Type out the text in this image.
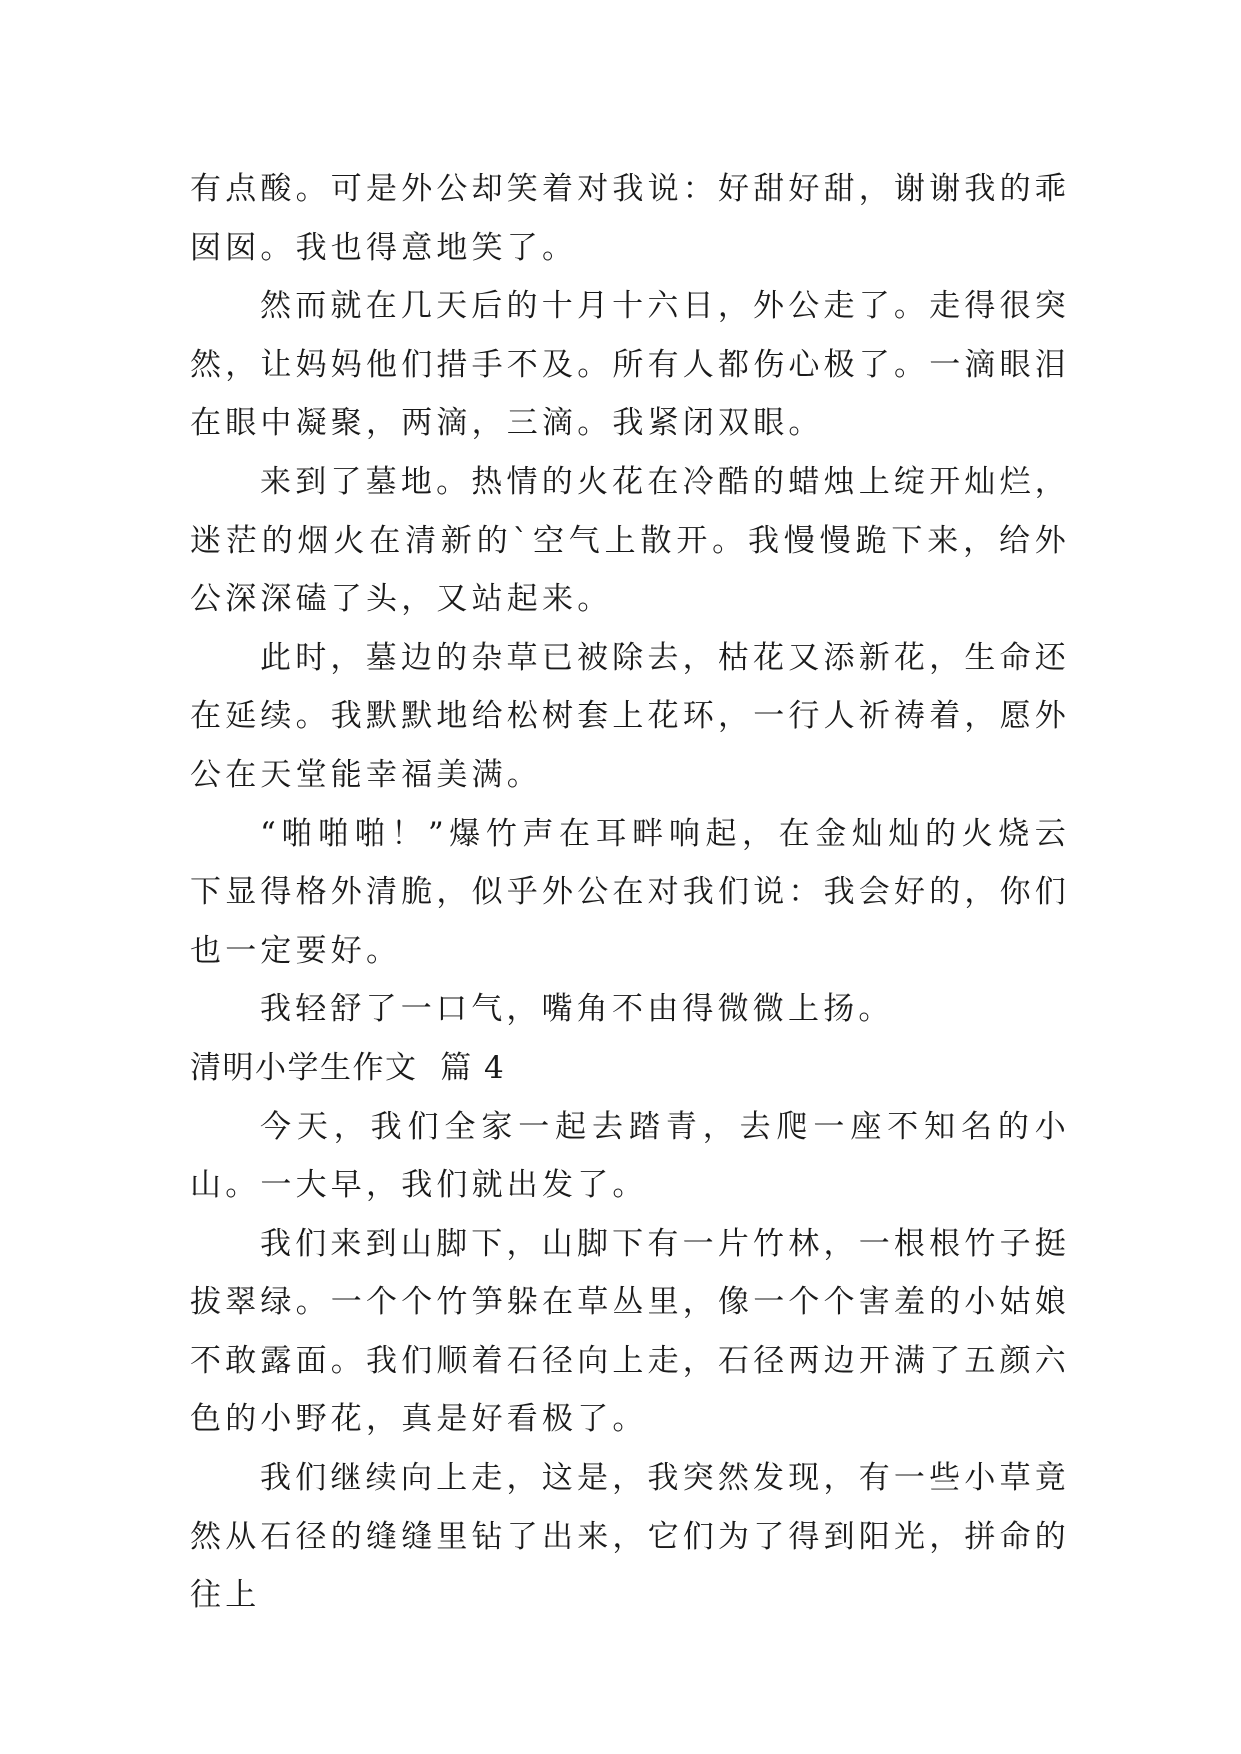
有点酸。可是外公却笑着对我说：好甜好甜，谢谢我的乖囡囡。我也得意地笑了。

然而就在几天后的十月十六日，外公走了。走得很突然，让妈妈他们措手不及。所有人都伤心极了。一滴眼泪在眼中凝聚，两滴，三滴。我紧闭双眼。

来到了墓地。热情的火花在冷酷的蜡烛上绽开灿烂，迷茫的烟火在清新的`空气上散开。我慢慢跪下来，给外公深深磕了头，又站起来。

此时，墓边的杂草已被除去，枯花又添新花，生命还在延续。我默默地给松树套上花环，一行人祈祷着，愿外公在天堂能幸福美满。

“啪啪啪！”爆竹声在耳畔响起，在金灿灿的火烧云下显得格外清脆，似乎外公在对我们说：我会好的，你们也一定要好。

我轻舒了一口气，嘴角不由得微微上扬。

清明小学生作文  篇 4

今天，我们全家一起去踏青，去爬一座不知名的小山。一大早，我们就出发了。

我们来到山脚下，山脚下有一片竹林，一根根竹子挺拔翠绿。一个个竹笋躲在草丛里，像一个个害羞的小姑娘不敢露面。我们顺着石径向上走，石径两边开满了五颜六色的小野花，真是好看极了。

我们继续向上走，这是，我突然发现，有一些小草竟然从石径的缝缝里钻了出来，它们为了得到阳光，拼命的往上
